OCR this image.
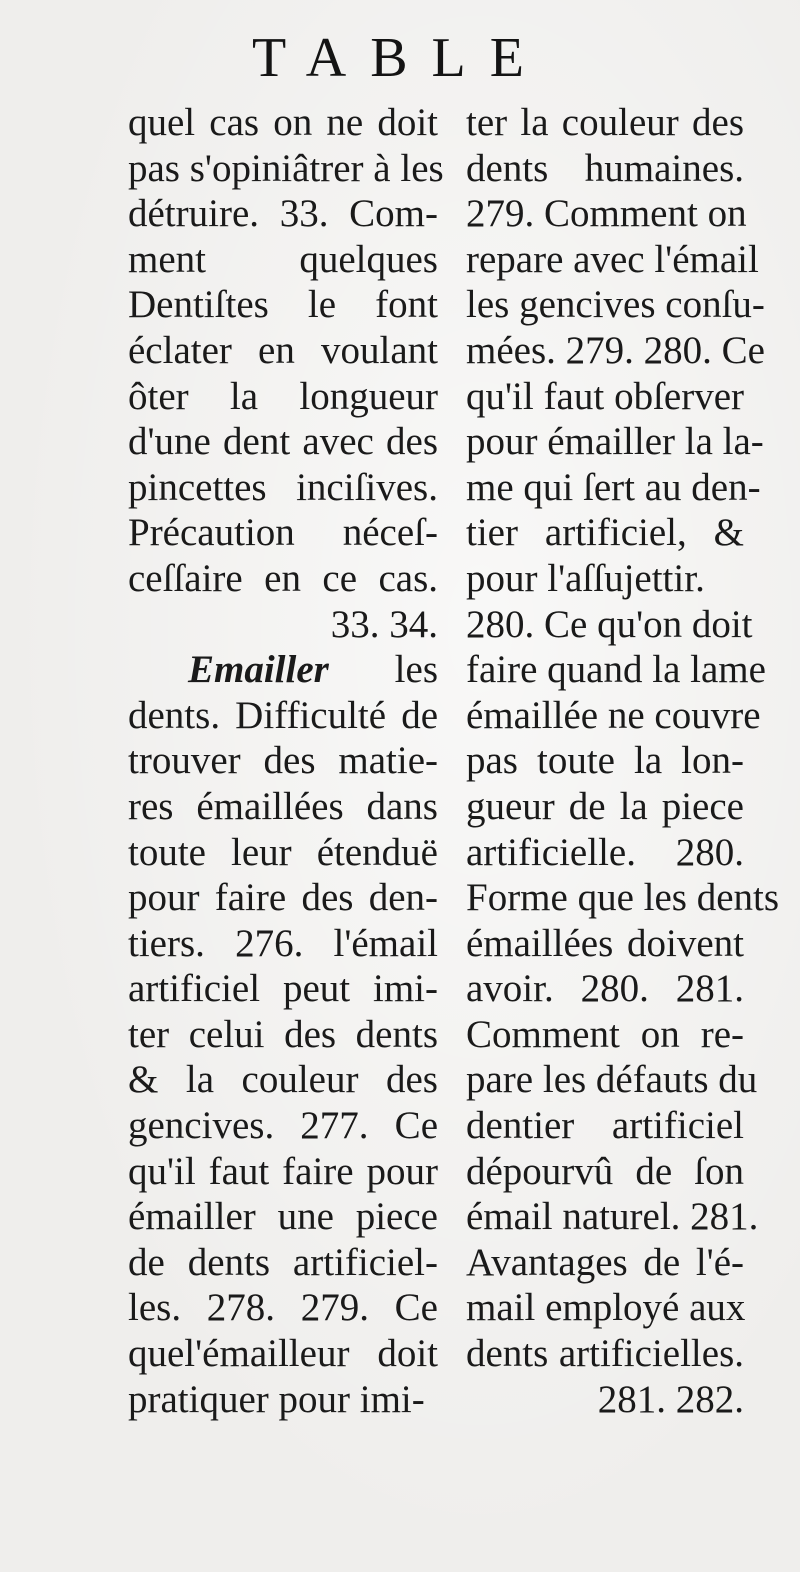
TABLE
quel cas on ne doit
pas s'opiniâtrer à les
détruire. 33. Com-
ment quelques
Dentiſtes le font
éclater en voulant
ôter la longueur
d'une dent avec des
pincettes inciſives.
Précaution néceſ-
ceſſaire en ce cas.
33. 34.
Emailler les
dents. Difficulté de
trouver des matie-
res émaillées dans
toute leur étenduë
pour faire des den-
tiers. 276. l'émail
artificiel peut imi-
ter celui des dents
& la couleur des
gencives. 277. Ce
qu'il faut faire pour
émailler une piece
de dents artificiel-
les. 278. 279. Ce
quel'émailleur doit
pratiquer pour imi-
ter la couleur des
dents humaines.
279. Comment on
repare avec l'émail
les gencives conſu-
mées. 279. 280. Ce
qu'il faut obſerver
pour émailler la la-
me qui ſert au den-
tier artificiel, &
pour l'aſſujettir.
280. Ce qu'on doit
faire quand la lame
émaillée ne couvre
pas toute la lon-
gueur de la piece
artificielle. 280.
Forme que les dents
émaillées doivent
avoir. 280. 281.
Comment on re-
pare les défauts du
dentier artificiel
dépourvû de ſon
émail naturel. 281.
Avantages de l'é-
mail employé aux
dents artificielles.
281. 282.
